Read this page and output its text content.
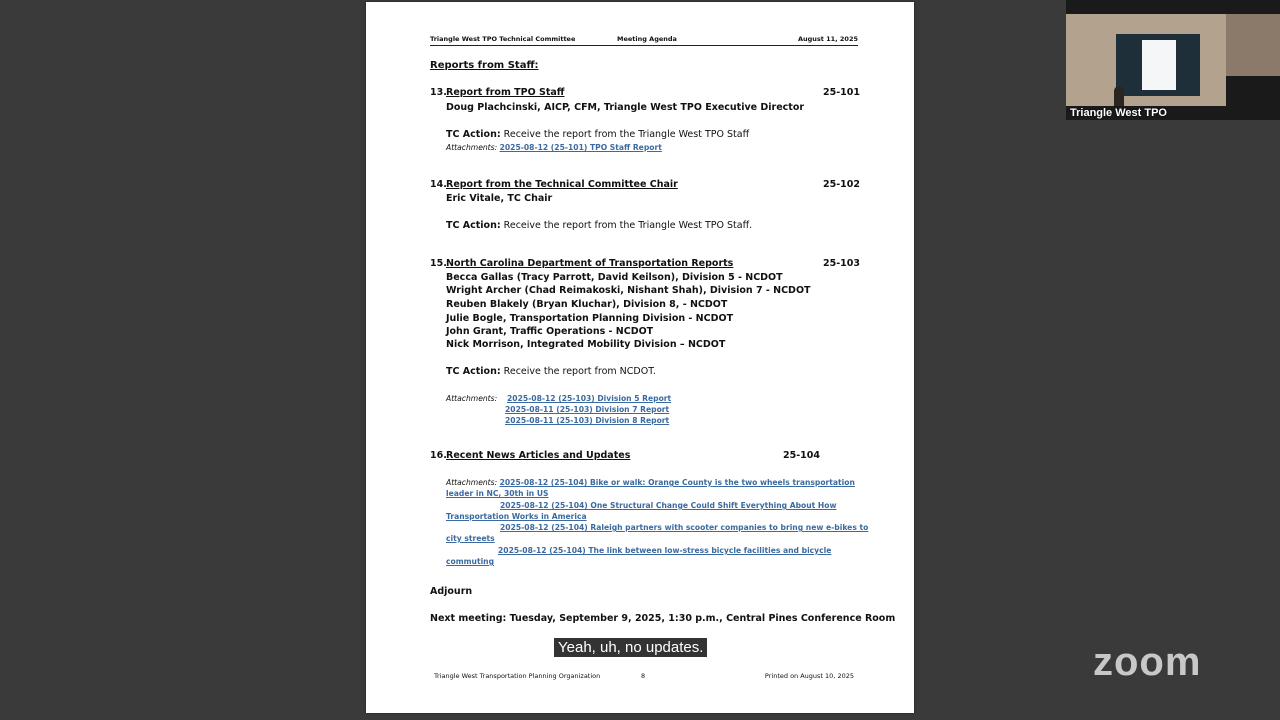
Triangle West TPO Technical Committee	Meeting Agenda	August 11, 2025
Reports from Staff:
13. Report from TPO Staff	25-101
Doug Plachcinski, AICP, CFM, Triangle West TPO Executive Director
TC Action: Receive the report from the Triangle West TPO Staff
Attachments: 2025-08-12 (25-101) TPO Staff Report
14. Report from the Technical Committee Chair	25-102
Eric Vitale, TC Chair
TC Action: Receive the report from the Triangle West TPO Staff.
15. North Carolina Department of Transportation Reports	25-103
Becca Gallas (Tracy Parrott, David Keilson), Division 5 - NCDOT
Wright Archer (Chad Reimakoski, Nishant Shah), Division 7 - NCDOT
Reuben Blakely (Bryan Kluchar), Division 8, - NCDOT
Julie Bogle, Transportation Planning Division - NCDOT
John Grant, Traffic Operations - NCDOT
Nick Morrison, Integrated Mobility Division – NCDOT
TC Action: Receive the report from NCDOT.
Attachments: 2025-08-12 (25-103) Division 5 Report
2025-08-11 (25-103) Division 7 Report
2025-08-11 (25-103) Division 8 Report
16. Recent News Articles and Updates	25-104
Attachments: 2025-08-12 (25-104) Bike or walk: Orange County is the two wheels transportation
leader in NC, 30th in US
2025-08-12 (25-104) One Structural Change Could Shift Everything About How
Transportation Works in America
2025-08-12 (25-104) Raleigh partners with scooter companies to bring new e-bikes to
city streets
2025-08-12 (25-104) The link between low-stress bicycle facilities and bicycle
commuting
Adjourn
Next meeting: Tuesday, September 9, 2025, 1:30 p.m., Central Pines Conference Room
Triangle West Transportation Planning Organization	8	Printed on August 10, 2025
Yeah, uh, no updates.
Triangle West TPO
zoom
